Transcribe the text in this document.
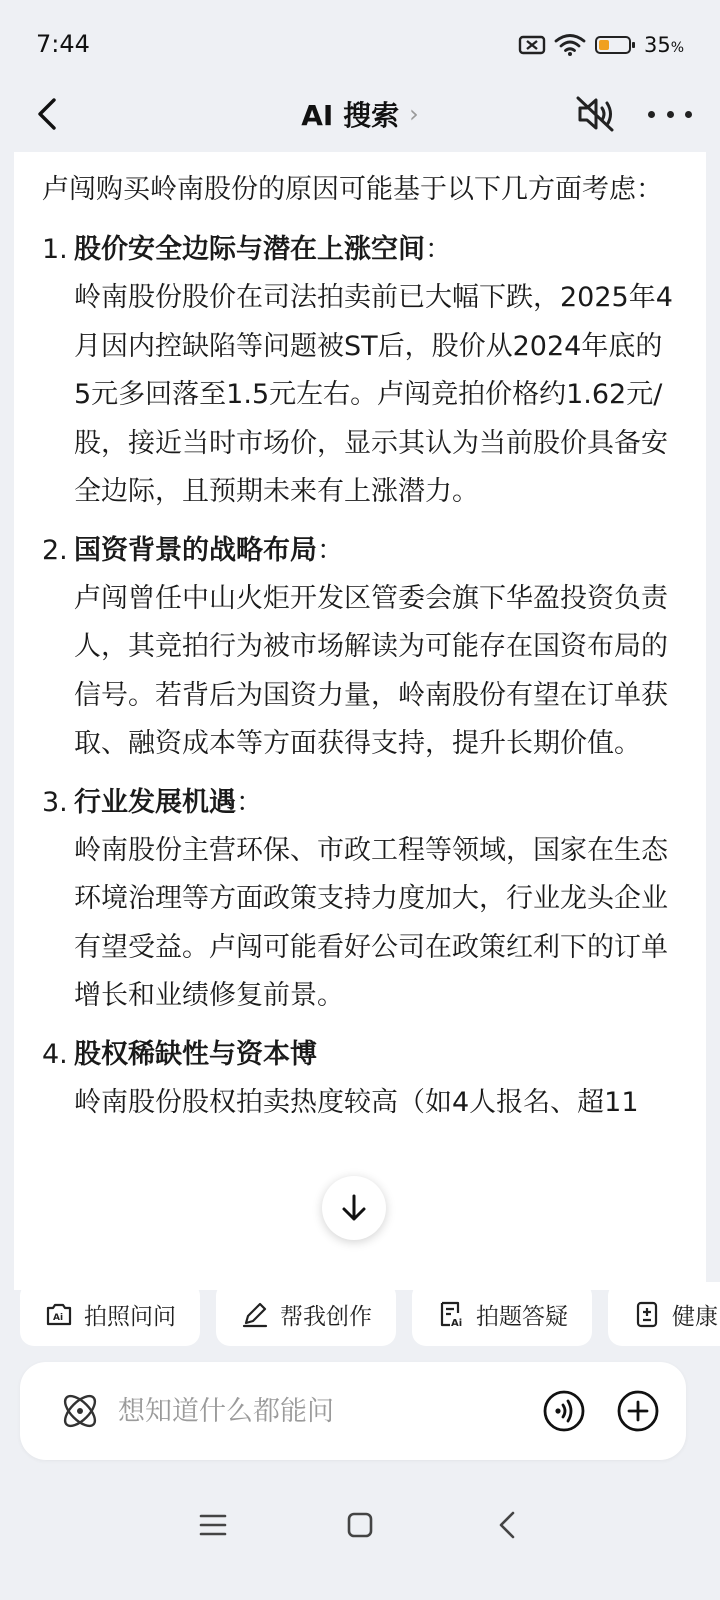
7:44	35%
AI 搜索 ›

卢闯购买岭南股份的原因可能基于以下几方面考虑：

1. 股价安全边际与潜在上涨空间：
岭南股份股价在司法拍卖前已大幅下跌，2025年4月因内控缺陷等问题被ST后，股价从2024年底的5元多回落至1.5元左右。卢闯竞拍价格约1.62元/股，接近当时市场价，显示其认为当前股价具备安全边际，且预期未来有上涨潜力。
2. 国资背景的战略布局：
卢闯曾任中山火炬开发区管委会旗下华盈投资负责人，其竞拍行为被市场解读为可能存在国资布局的信号。若背后为国资力量，岭南股份有望在订单获取、融资成本等方面获得支持，提升长期价值。
3. 行业发展机遇：
岭南股份主营环保、市政工程等领域，国家在生态环境治理等方面政策支持力度加大，行业龙头企业有望受益。卢闯可能看好公司在政策红利下的订单增长和业绩修复前景。
4. 股权稀缺性与资本博
岭南股份股权拍卖热度较高（如4人报名、超11
Ai 拍照问问	帮我创作	Ai 拍题答疑	健康
想知道什么都能问
